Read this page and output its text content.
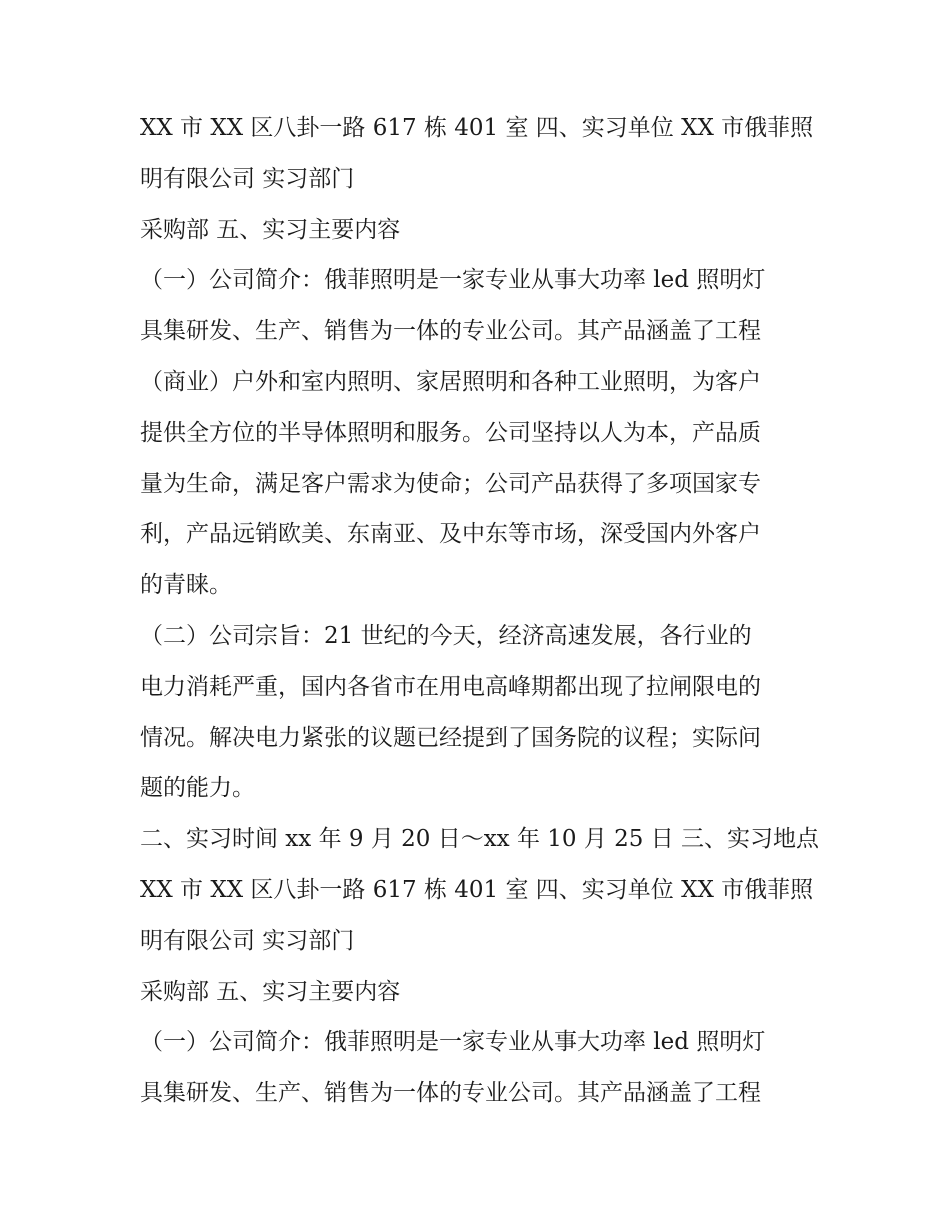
XX 市 XX 区八卦一路 617 栋 401 室 四、实习单位 XX 市俄菲照
明有限公司 实习部门
采购部 五、实习主要内容
（一）公司简介：俄菲照明是一家专业从事大功率 led 照明灯
具集研发、生产、销售为一体的专业公司。其产品涵盖了工程
（商业）户外和室内照明、家居照明和各种工业照明，为客户
提供全方位的半导体照明和服务。公司坚持以人为本，产品质
量为生命，满足客户需求为使命；公司产品获得了多项国家专
利，产品远销欧美、东南亚、及中东等市场，深受国内外客户
的青睐。
（二）公司宗旨：21 世纪的今天，经济高速发展，各行业的
电力消耗严重，国内各省市在用电高峰期都出现了拉闸限电的
情况。解决电力紧张的议题已经提到了国务院的议程；实际问
题的能力。
二、实习时间 xx 年 9 月 20 日～xx 年 10 月 25 日 三、实习地点
XX 市 XX 区八卦一路 617 栋 401 室 四、实习单位 XX 市俄菲照
明有限公司 实习部门
采购部 五、实习主要内容
（一）公司简介：俄菲照明是一家专业从事大功率 led 照明灯
具集研发、生产、销售为一体的专业公司。其产品涵盖了工程
